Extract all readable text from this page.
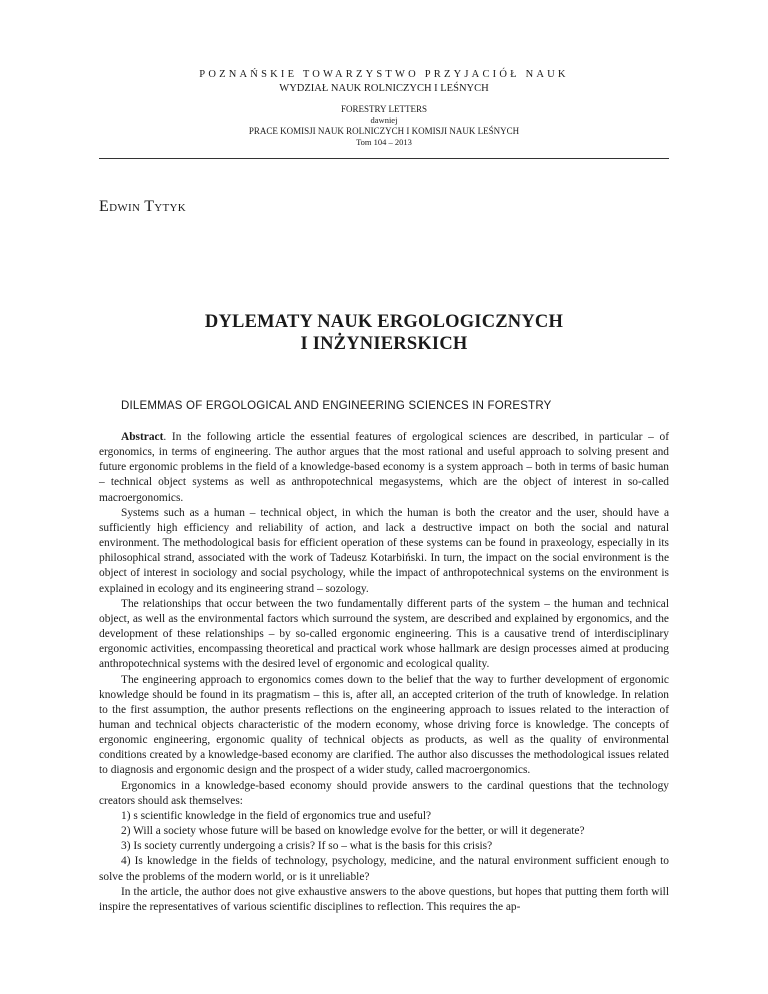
POZNAŃSKIE TOWARZYSTWO PRZYJACIÓŁ NAUK
WYDZIAŁ NAUK ROLNICZYCH I LEŚNYCH
FORESTRY LETTERS
dawniej
PRACE KOMISJI NAUK ROLNICZYCH I KOMISJI NAUK LEŚNYCH
Tom 104 – 2013
Edwin Tytyk
DYLEMATY NAUK ERGOLOGICZNYCH
I INŻYNIERSKICH
DILEMMAS OF ERGOLOGICAL AND ENGINEERING SCIENCES IN FORESTRY

Abstract. In the following article the essential features of ergological sciences are described, in particular – of ergonomics, in terms of engineering. The author argues that the most rational and useful approach to solving present and future ergonomic problems in the field of a knowledge-based economy is a system approach – both in terms of basic human – technical object systems as well as anthropotechnical megasystems, which are the object of interest in so-called macroergonomics.

Systems such as a human – technical object, in which the human is both the creator and the user, should have a sufficiently high efficiency and reliability of action, and lack a destructive impact on both the social and natural environment. The methodological basis for efficient operation of these systems can be found in praxeology, especially in its philosophical strand, associated with the work of Tadeusz Kotarbiński. In turn, the impact on the social environment is the object of interest in sociology and social psychology, while the impact of anthropotechnical systems on the environment is explained in ecology and its engineering strand – sozology.

The relationships that occur between the two fundamentally different parts of the system – the human and technical object, as well as the environmental factors which surround the system, are described and explained by ergonomics, and the development of these relationships – by so-called ergonomic engineering. This is a causative trend of interdisciplinary ergonomic activities, encompassing theoretical and practical work whose hallmark are design processes aimed at producing anthropotechnical systems with the desired level of ergonomic and ecological quality.

The engineering approach to ergonomics comes down to the belief that the way to further development of ergonomic knowledge should be found in its pragmatism – this is, after all, an accepted criterion of the truth of knowledge. In relation to the first assumption, the author presents reflections on the engineering approach to issues related to the interaction of human and technical objects characteristic of the modern economy, whose driving force is knowledge. The concepts of ergonomic engineering, ergonomic quality of technical objects as products, as well as the quality of environmental conditions created by a knowledge-based economy are clarified. The author also discusses the methodological issues related to diagnosis and ergonomic design and the prospect of a wider study, called macroergonomics.

Ergonomics in a knowledge-based economy should provide answers to the cardinal questions that the technology creators should ask themselves:

1) s scientific knowledge in the field of ergonomics true and useful?

2) Will a society whose future will be based on knowledge evolve for the better, or will it degenerate?

3) Is society currently undergoing a crisis? If so – what is the basis for this crisis?

4) Is knowledge in the fields of technology, psychology, medicine, and the natural environment sufficient enough to solve the problems of the modern world, or is it unreliable?

In the article, the author does not give exhaustive answers to the above questions, but hopes that putting them forth will inspire the representatives of various scientific disciplines to reflection. This requires the ap-
